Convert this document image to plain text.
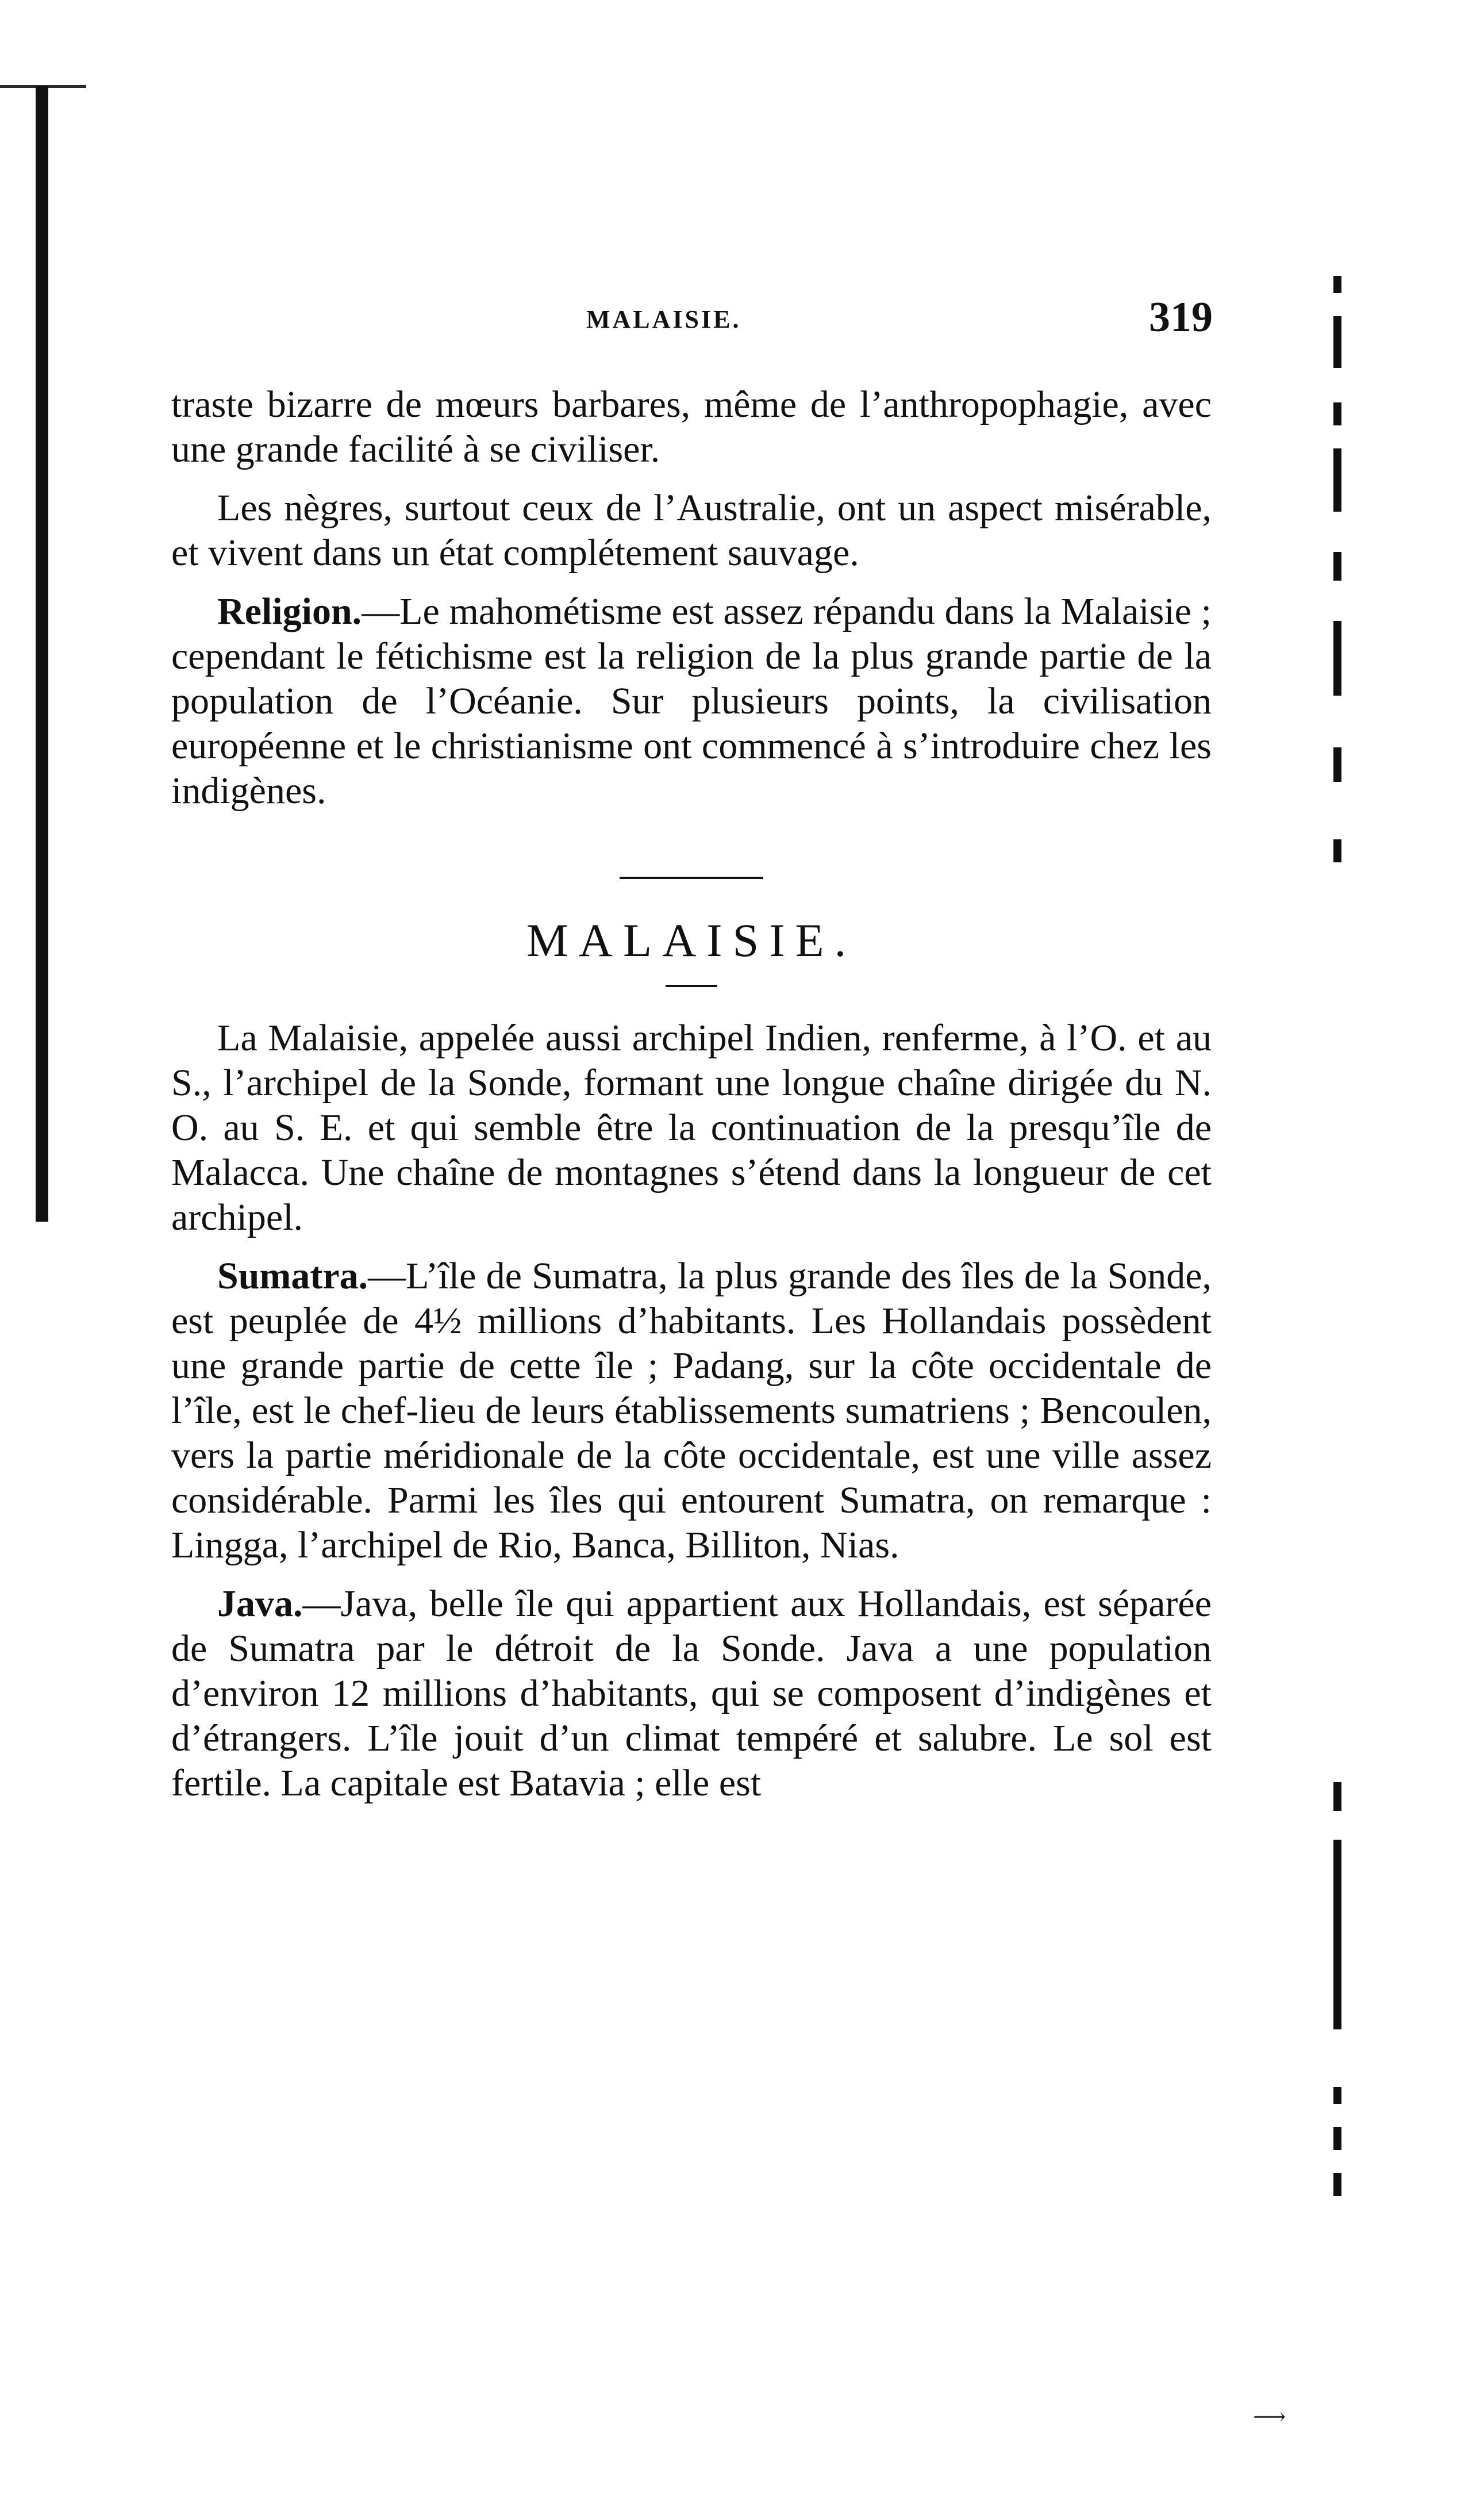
MALAISIE.	319

traste bizarre de mœurs barbares, même de l’anthropophagie, avec une grande facilité à se civiliser.

Les nègres, surtout ceux de l’Australie, ont un aspect misérable, et vivent dans un état complétement sauvage.

Religion.—Le mahométisme est assez répandu dans la Malaisie ; cependant le fétichisme est la religion de la plus grande partie de la population de l’Océanie. Sur plusieurs points, la civilisation européenne et le christianisme ont commencé à s’introduire chez les indigènes.

MALAISIE.

La Malaisie, appelée aussi archipel Indien, renferme, à l’O. et au S., l’archipel de la Sonde, formant une longue chaîne dirigée du N. O. au S. E. et qui semble être la continuation de la presqu’île de Malacca. Une chaîne de montagnes s’étend dans la longueur de cet archipel.

Sumatra.—L’île de Sumatra, la plus grande des îles de la Sonde, est peuplée de 4½ millions d’habitants. Les Hollandais possèdent une grande partie de cette île ; Padang, sur la côte occidentale de l’île, est le chef-lieu de leurs établissements sumatriens ; Bencoulen, vers la partie méridionale de la côte occidentale, est une ville assez considérable. Parmi les îles qui entourent Sumatra, on remarque : Lingga, l’archipel de Rio, Banca, Billiton, Nias.

Java.—Java, belle île qui appartient aux Hollandais, est séparée de Sumatra par le détroit de la Sonde. Java a une population d’environ 12 millions d’habitants, qui se composent d’indigènes et d’étrangers. L’île jouit d’un climat tempéré et salubre. Le sol est fertile. La capitale est Batavia ; elle est

⟶
